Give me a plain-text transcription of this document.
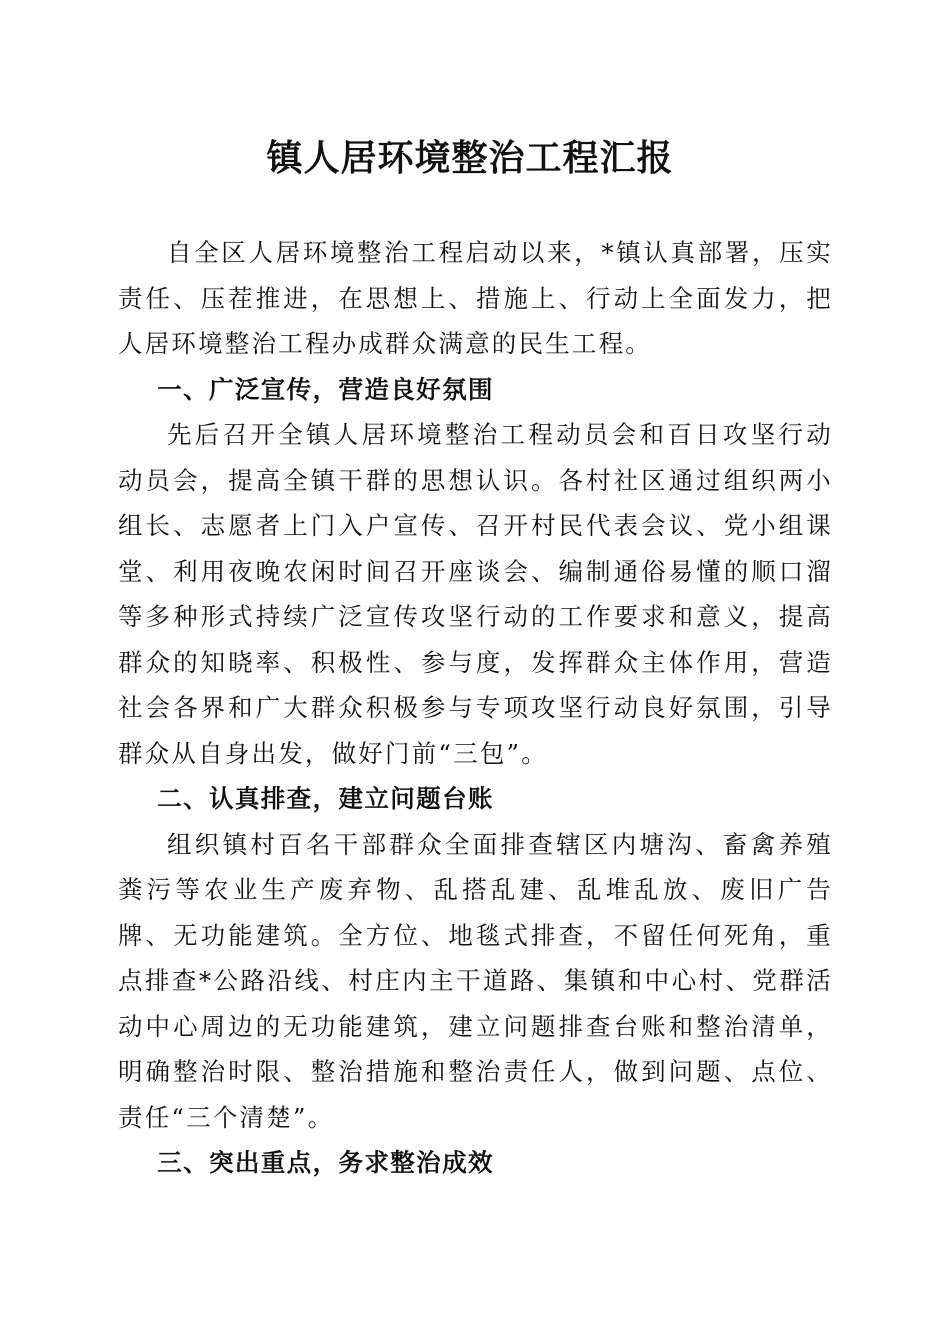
镇人居环境整治工程汇报

自全区人居环境整治工程启动以来，*镇认真部署，压实责任、压茬推进，在思想上、措施上、行动上全面发力，把人居环境整治工程办成群众满意的民生工程。

一、广泛宣传，营造良好氛围

先后召开全镇人居环境整治工程动员会和百日攻坚行动动员会，提高全镇干群的思想认识。各村社区通过组织两小组长、志愿者上门入户宣传、召开村民代表会议、党小组课堂、利用夜晚农闲时间召开座谈会、编制通俗易懂的顺口溜等多种形式持续广泛宣传攻坚行动的工作要求和意义，提高群众的知晓率、积极性、参与度，发挥群众主体作用，营造社会各界和广大群众积极参与专项攻坚行动良好氛围，引导群众从自身出发，做好门前“三包”。

二、认真排查，建立问题台账

组织镇村百名干部群众全面排查辖区内塘沟、畜禽养殖粪污等农业生产废弃物、乱搭乱建、乱堆乱放、废旧广告牌、无功能建筑。全方位、地毯式排查，不留任何死角，重点排查*公路沿线、村庄内主干道路、集镇和中心村、党群活动中心周边的无功能建筑，建立问题排查台账和整治清单，明确整治时限、整治措施和整治责任人，做到问题、点位、责任“三个清楚”。

三、突出重点，务求整治成效
